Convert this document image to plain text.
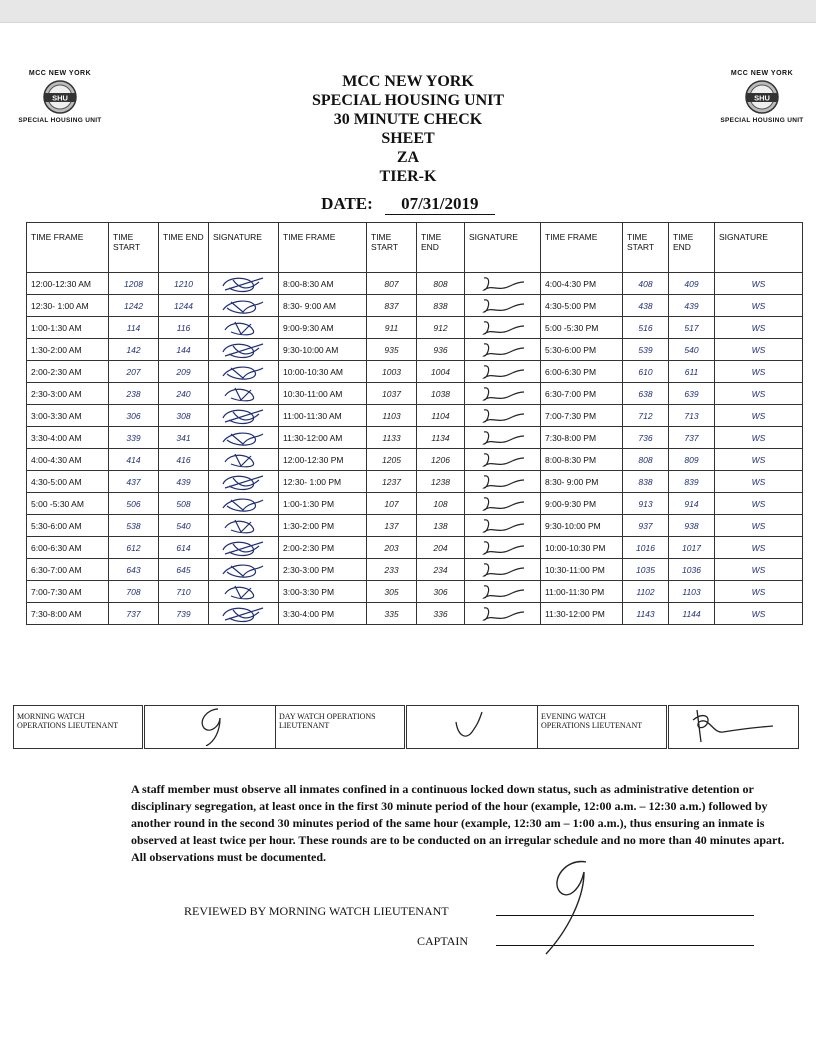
MCC NEW YORK
SHU
SPECIAL HOUSING UNIT
MCC NEW YORK
SHU
SPECIAL HOUSING UNIT
MCC NEW YORK
SPECIAL HOUSING UNIT
30 MINUTE CHECK SHEET
ZA
TIER-K
DATE: 07/31/2019
TIME FRAME	TIME START	TIME END	SIGNATURE	TIME FRAME	TIME START	TIME END	SIGNATURE	TIME FRAME	TIME START	TIME END	SIGNATURE
12:00-12:30 AM	1208	1210		8:00-8:30 AM	807	808		4:00-4:30 PM	408	409	WS
12:30- 1:00 AM	1242	1244		8:30- 9:00 AM	837	838		4:30-5:00 PM	438	439	WS
1:00-1:30 AM	114	116		9:00-9:30 AM	911	912		5:00 -5:30 PM	516	517	WS
1:30-2:00 AM	142	144		9:30-10:00 AM	935	936		5:30-6:00 PM	539	540	WS
2:00-2:30 AM	207	209		10:00-10:30 AM	1003	1004		6:00-6:30 PM	610	611	WS
2:30-3:00 AM	238	240		10:30-11:00 AM	1037	1038		6:30-7:00 PM	638	639	WS
3:00-3:30 AM	306	308		11:00-11:30 AM	1103	1104		7:00-7:30 PM	712	713	WS
3:30-4:00 AM	339	341		11:30-12:00 AM	1133	1134		7:30-8:00 PM	736	737	WS
4:00-4:30 AM	414	416		12:00-12:30 PM	1205	1206		8:00-8:30 PM	808	809	WS
4:30-5:00 AM	437	439		12:30- 1:00 PM	1237	1238		8:30- 9:00 PM	838	839	WS
5:00 -5:30 AM	506	508		1:00-1:30 PM	107	108		9:00-9:30 PM	913	914	WS
5:30-6:00 AM	538	540		1:30-2:00 PM	137	138		9:30-10:00 PM	937	938	WS
6:00-6:30 AM	612	614		2:00-2:30 PM	203	204		10:00-10:30 PM	1016	1017	WS
6:30-7:00 AM	643	645		2:30-3:00 PM	233	234		10:30-11:00 PM	1035	1036	WS
7:00-7:30 AM	708	710		3:00-3:30 PM	305	306		11:00-11:30 PM	1102	1103	WS
7:30-8:00 AM	737	739		3:30-4:00 PM	335	336		11:30-12:00 PM	1143	1144	WS
MORNING WATCH OPERATIONS LIEUTENANT			DAY WATCH OPERATIONS LIEUTENANT			EVENING WATCH OPERATIONS LIEUTENANT		
A staff member must observe all inmates confined in a continuous locked down status, such as administrative detention or disciplinary segregation, at least once in the first 30 minute period of the hour (example, 12:00 a.m. – 12:30 a.m.) followed by another round in the second 30 minutes period of the same hour (example, 12:30 am – 1:00 a.m.), thus ensuring an inmate is observed at least twice per hour. These rounds are to be conducted on an irregular schedule and no more than 40 minutes apart. All observations must be documented.
REVIEWED BY MORNING WATCH LIEUTENANT
CAPTAIN
